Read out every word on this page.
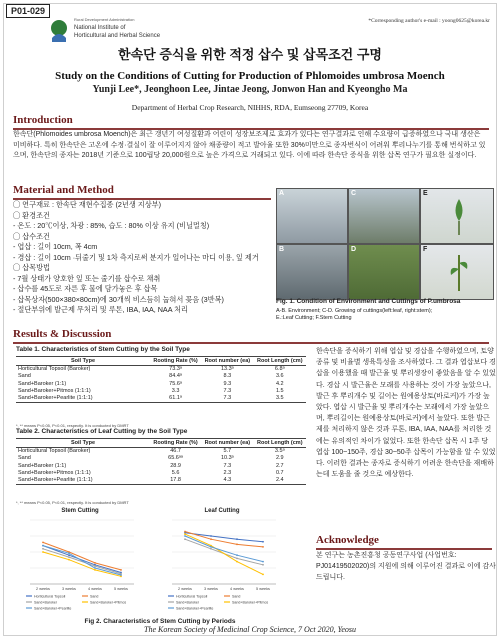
P01-029
Rural Development Administration
National Institute of
Horticultural and Herbal Science
*Corresponding author's e-mail : yoong0625@korea.kr
한속단 증식을 위한 적정 삽수 및 삽목조건 구명
Study on the Conditions of Cutting for Production of Phlomoides umbrosa Moench
Yunji Lee*, Jeonghoon Lee, Jintae Jeong, Jonwon Han and Kyeongho Ma
Department of Herbal Crop Research, NIHHS, RDA, Eumseong 27709, Korea
Introduction
한속단(Phlomoides umbrosa Moench)은 최근 갱년기 여성질환과 어린이 성장보조제로 효과가 있다는 연구결과로 인해 수요량이 급증하였으나 국내 생산은 미비하다. 특히 한속단은 고온에 수정·결실이 잘 이루어지지 않아 채종량이 적고 발아율 또한 30%미만으로 종자번식이 어려워 뿌리나누기를 통해 번식하고 있으며, 한속단의 종자는 2018년 기준으로 100립당 20,000원으로 높은 가격으로 거래되고 있다. 이에 따라 한속단 증식을 위한 삽목 연구가 필요한 실정이다.
Material and Method
◯ 연구재료 : 한속단 재현수집종 (2년생 지상부)
◯ 환경조건
- 온도 : 20℃이상, 차광 : 85%, 습도 : 80% 이상 유지 (비닐멀칭)
◯ 삽수조건
- 엽삽 : 길이 10cm, 폭 4cm
- 경삽 : 길이 10cm ·뒤줄기 및 1차 측지로써 분지가 일어나는 마디 이용, 잎 제거
◯ 삽목방법
- 7월 상태가 양호한 잎 또는 줄기를 삽수로 채취
- 삽수를 45도로 자른 후 물에 담가놓은 후 삽목
- 삽목상자(500×380×80cm)에 30개씩 비스듬히 눕혀서 꽂음 (3반복)
- 절단부위에 발근제 무처리 및 루톤, IBA, IAA, NAA 처리
A	C	E
B	D	F
Fig. 1. Condition of Environment and Cuttings of P.umbrosa
A-B. Environment; C-D. Growing of cuttings(left:leaf, right:stem);
E.:Leaf Cutting; F.Stem Cutting
Results & Discussion
Table 1. Characteristics of Stem Cutting by the Soil Type
Soil Type	Rooting Rate (%)	Root number (ea)	Root Length (cm)
Horticultural Topsoil (Baroker)	73.3ᵃ	13.3ᵃ	6.8ᵃ
Sand	84.4ᵃ	8.3	3.6
Sand+Baroker (1:1)	75.6ᵃ	9.3	4.2
Sand+Baroker+Pitmos (1:1:1)	3.3	7.3	1.5
Sand+Baroker+Pearlite (1:1:1)	61.1ᵃ	7.3	3.5
*, ** means P<0.05, P<0.01, respectly. It is conducted by DMRT
Table 2. Characteristics of Leaf Cutting by the Soil Type
Soil Type	Rooting Rate (%)	Root number (ea)	Root Length (cm)
Horticultural Topsoil (Baroker)	46.7	5.7	3.5ᵃ
Sand	65.6ᵃᵃ	10.3ᵃ	2.9
Sand+Baroker (1:1)	28.9	7.3	2.7
Sand+Baroker+Pitmos (1:1:1)	5.6	2.3	0.7
Sand+Baroker+Pearlite (1:1:1)	17.8	4.3	2.4
*, ** means P<0.05, P<0.01, respectly. It is conducted by DMRT
한속단을 증식하기 위해 엽삽 및 경삽을 수행하였으며, 토양 종류 및 비율별 생육특성을 조사하였다. 그 결과 엽삽보다 경삽을 이용했을 때 발근율 및 뿌리생장이 좋았음을 알 수 있었다. 경삽 시 발근율은 모래를 사용하는 것이 가장 높았으나, 발근 후 뿌리개수 및 길이는 원예용상토(바로커)가 가장 높았다. 엽삽 시 발근율 및 뿌리개수는 모래에서 가장 높았으며, 뿌리길이는 원예용상토(바로커)에서 높았다. 또한 발근제를 처리하지 않은 것과 루톤, IBA, IAA, NAA를 처리한 것에는 유의적인 차이가 없었다. 또한 한속단 삽목 시 1주 당 엽삽 100~150주, 경삽 30~50주 삽목이 가능함을 알 수 있었다. 이러한 결과는 종자로 증식하기 어려운 한속단을 재배하는데 도움을 줄 것으로 예상한다.
Stem Cutting
2 weeks	3 weeks	4 weeks	5 weeks
Horticultural Topsoil	Sand
Sand+Baroker	Sand+Baroker+Pitmos
Sand+Baroker+Pearlite
Leaf Cutting
2 weeks	3 weeks	4 weeks	5 weeks
Horticultural Topsoil	Sand
Sand+Baroker	Sand+Baroker+Pitmos
Sand+Baroker+Pearlite
Fig 2. Characteristics of Stem Cutting by Periods
Acknowledge
본 연구는 농촌진흥청 공동연구사업 (사업번호: PJ01419502020)의 지원에 의해 이루어진 결과로 이에 감사드립니다.
The Korean Society of Medicinal Crop Science, 7 Oct 2020, Yeosu
